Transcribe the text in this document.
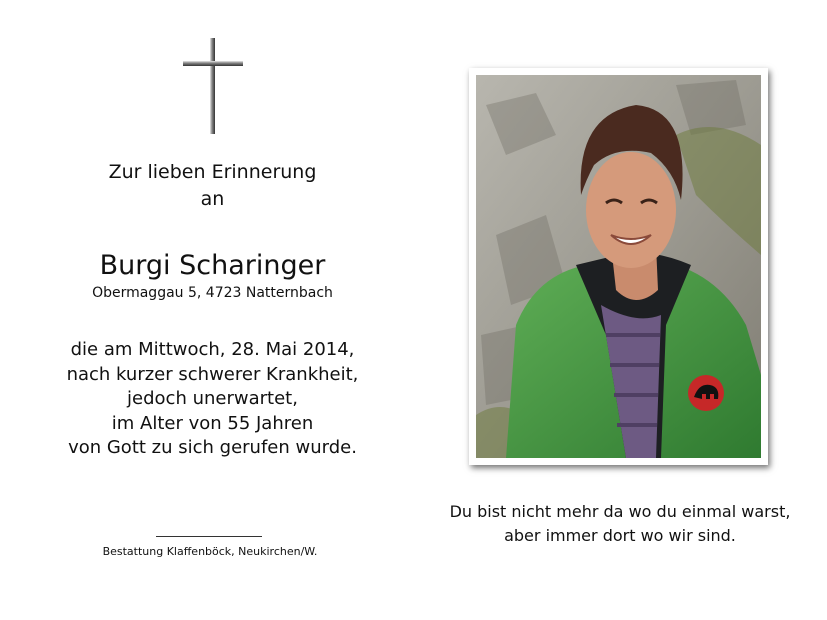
Zur lieben Erinnerung
an
Burgi Scharinger
Obermaggau 5, 4723 Natternbach
die am Mittwoch, 28. Mai 2014,
nach kurzer schwerer Krankheit,
jedoch unerwartet,
im Alter von 55 Jahren
von Gott zu sich gerufen wurde.
Bestattung Klaffenböck, Neukirchen/W.
Du bist nicht mehr da wo du einmal warst,
aber immer dort wo wir sind.
